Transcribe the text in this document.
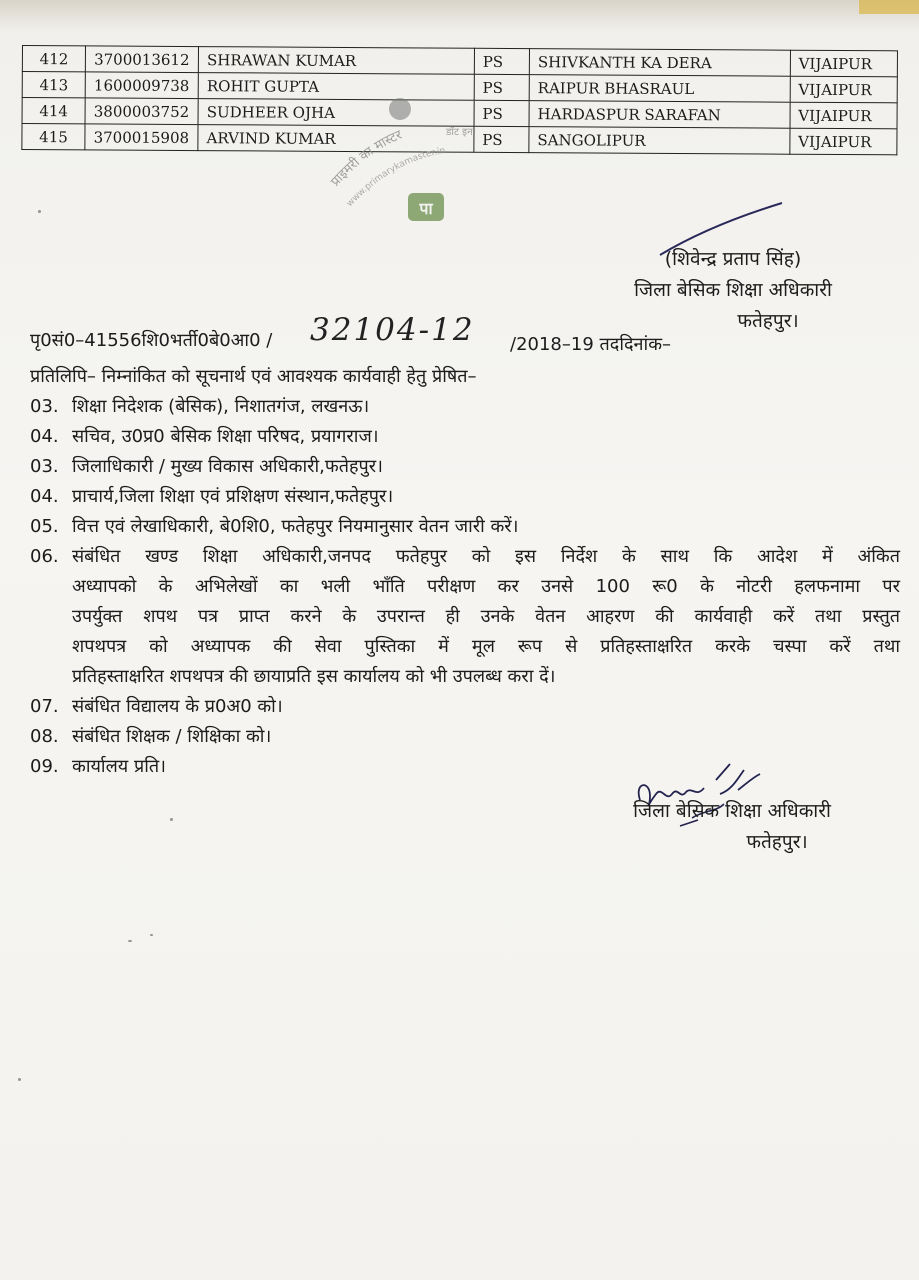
412	3700013612	SHRAWAN KUMAR	PS	SHIVKANTH KA DERA	VIJAIPUR
413	1600009738	ROHIT GUPTA	PS	RAIPUR BHASRAUL	VIJAIPUR
414	3800003752	SUDHEER OJHA	PS	HARDASPUR SARAFAN	VIJAIPUR
415	3700015908	ARVIND KUMAR	PS	SANGOLIPUR	VIJAIPUR
प्राइमरी का मास्टर	डॉट इन
www.primarykamaster.in
पा
(शिवेन्द्र प्रताप सिंह)
जिला बेसिक शिक्षा अधिकारी
फतेहपुर।
पृ0सं0–41556शि0भर्ती0बे0आ0 / 32104-12 /2018–19 तददिनांक–
प्रतिलिपि– निम्नांकित को सूचनार्थ एवं आवश्यक कार्यवाही हेतु प्रेषित–
03. शिक्षा निदेशक (बेसिक), निशातगंज, लखनऊ।
04. सचिव, उ0प्र0 बेसिक शिक्षा परिषद, प्रयागराज।
03. जिलाधिकारी / मुख्य विकास अधिकारी,फतेहपुर।
04. प्राचार्य,जिला शिक्षा एवं प्रशिक्षण संस्थान,फतेहपुर।
05. वित्त एवं लेखाधिकारी, बे0शि0, फतेहपुर नियमानुसार वेतन जारी करें।
06. संबंधित खण्ड शिक्षा अधिकारी,जनपद फतेहपुर को इस निर्देश के साथ कि आदेश में अंकित
अध्यापको के अभिलेखों का भली भाँति परीक्षण कर उनसे 100 रू0 के नोटरी हलफनामा पर
उपर्युक्त शपथ पत्र प्राप्त करने के उपरान्त ही उनके वेतन आहरण की कार्यवाही करें तथा प्रस्तुत
शपथपत्र को अध्यापक की सेवा पुस्तिका में मूल रूप से प्रतिहस्ताक्षरित करके चस्पा करें तथा
प्रतिहस्ताक्षरित शपथपत्र की छायाप्रति इस कार्यालय को भी उपलब्ध करा दें।
07. संबंधित विद्यालय के प्र0अ0 को।
08. संबंधित शिक्षक / शिक्षिका को।
09. कार्यालय प्रति।
जिला बेसिक शिक्षा अधिकारी
फतेहपुर।
